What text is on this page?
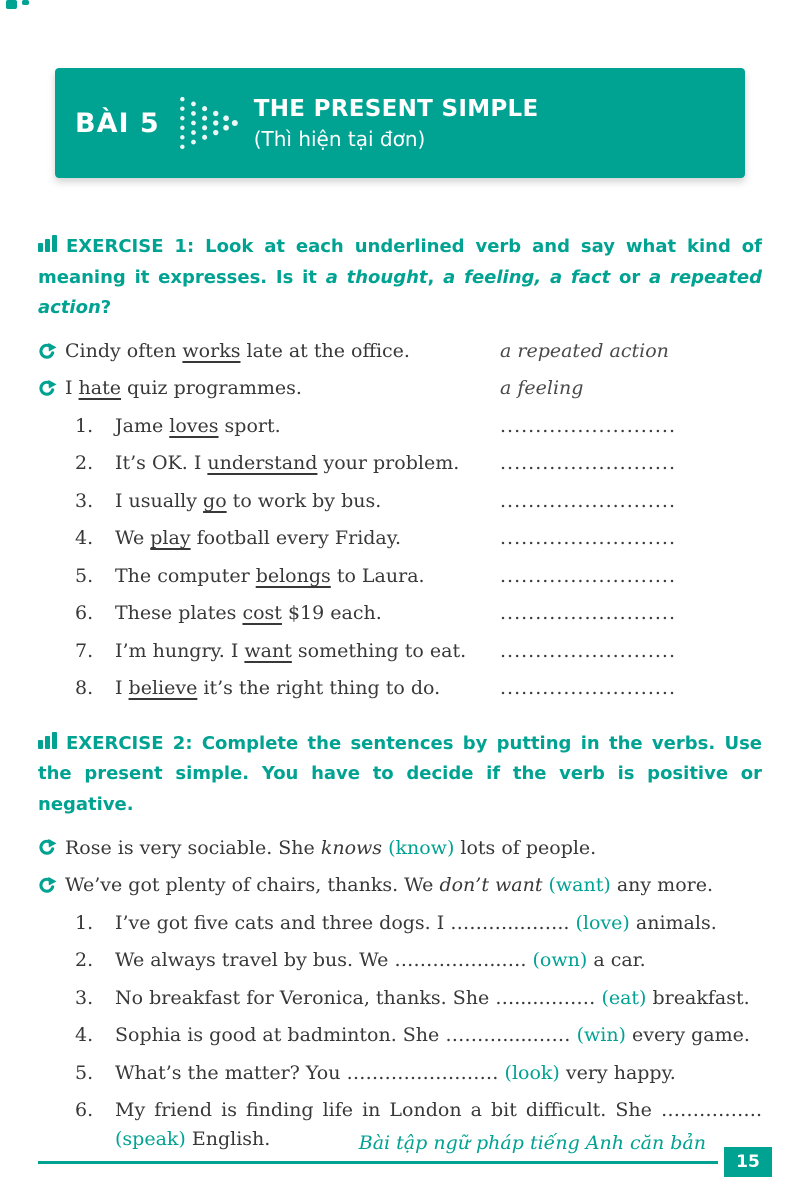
BÀI 5	THE PRESENT SIMPLE
(Thì hiện tại đơn)
EXERCISE 1: Look at each underlined verb and say what kind of meaning it expresses. Is it a thought, a feeling, a fact or a repeated action?
Cindy often works late at the office.	a repeated action
I hate quiz programmes.	a feeling
1.	Jame loves sport.	.........................
2.	It’s OK. I understand your problem.	.........................
3.	I usually go to work by bus.	.........................
4.	We play football every Friday.	.........................
5.	The computer belongs to Laura.	.........................
6.	These plates cost $19 each.	.........................
7.	I’m hungry. I want something to eat.	.........................
8.	I believe it’s the right thing to do.	.........................
EXERCISE 2: Complete the sentences by putting in the verbs. Use the present simple. You have to decide if the verb is positive or negative.
Rose is very sociable. She knows (know) lots of people.
We’ve got plenty of chairs, thanks. We don’t want (want) any more.
1.	I’ve got five cats and three dogs. I ………..…….. (love) animals.
2.	We always travel by bus. We ……………..…. (own) a car.
3.	No breakfast for Veronica, thanks. She …....……… (eat) breakfast.
4.	Sophia is good at badminton. She ……….....…… (win) every game.
5.	What’s the matter? You …………………… (look) very happy.
6.	My friend is finding life in London a bit difficult. She ……………. (speak) English.	Bài tập ngữ pháp tiếng Anh căn bản
15
